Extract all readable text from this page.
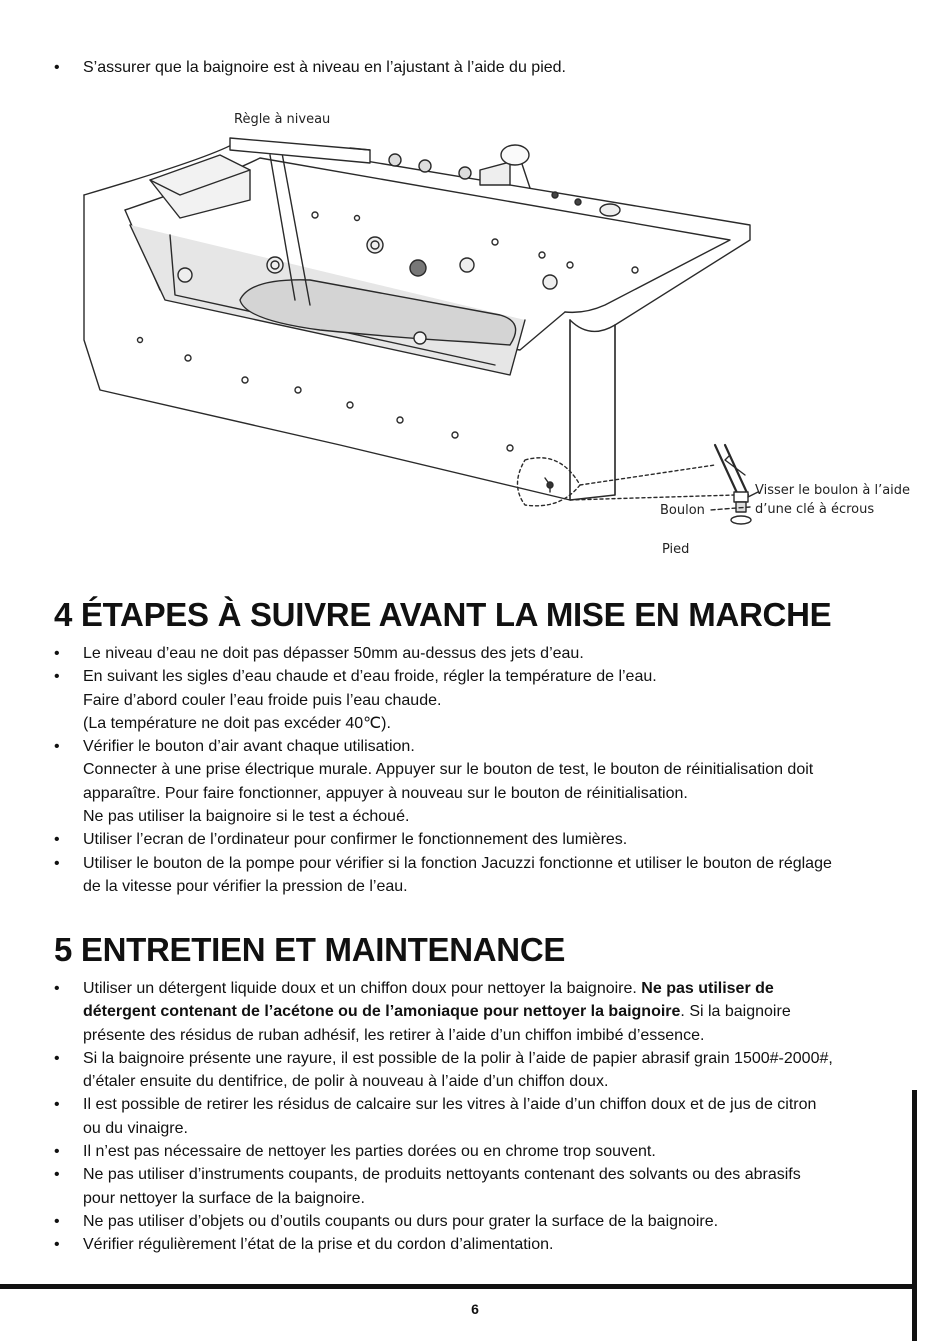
• S’assurer que la baignoire est à niveau en l’ajustant à l’aide du pied.
Règle à niveau
Boulon
Visser le boulon à l’aide
d’une clé à écrous
Pied
4 ÉTAPES À SUIVRE AVANT LA MISE EN MARCHE
• Le niveau d’eau ne doit pas dépasser 50mm au-dessus des jets d’eau.
• En suivant les sigles d’eau chaude et d’eau froide, régler la température de l’eau.
Faire d’abord couler l’eau froide puis l’eau chaude.
(La température ne doit pas excéder 40℃).
• Vérifier le bouton d’air avant chaque utilisation.
Connecter à une prise électrique murale. Appuyer sur le bouton de test, le bouton de réinitialisation doit
apparaître. Pour faire fonctionner, appuyer à nouveau sur le bouton de réinitialisation.
Ne pas utiliser la baignoire si le test a échoué.
• Utiliser l’ecran de l’ordinateur pour confirmer le fonctionnement des lumières.
• Utiliser le bouton de la pompe pour vérifier si la fonction Jacuzzi fonctionne et utiliser le bouton de réglage
de la vitesse pour vérifier la pression de l’eau.
5 ENTRETIEN ET MAINTENANCE
• Utiliser un détergent liquide doux et un chiffon doux pour nettoyer la baignoire. Ne pas utiliser de
détergent contenant de l’acétone ou de l’amoniaque pour nettoyer la baignoire. Si la baignoire
présente des résidus de ruban adhésif, les retirer à l’aide d’un chiffon imbibé d’essence.
• Si la baignoire présente une rayure, il est possible de la polir à l’aide de papier abrasif grain 1500#-2000#,
d’étaler ensuite du dentifrice, de polir à nouveau à l’aide d’un chiffon doux.
• Il est possible de retirer les résidus de calcaire sur les vitres à l’aide d’un chiffon doux et de jus de citron
ou du vinaigre.
• Il n’est pas nécessaire de nettoyer les parties dorées ou en chrome trop souvent.
• Ne pas utiliser d’instruments coupants, de produits nettoyants contenant des solvants ou des abrasifs
pour nettoyer la surface de la baignoire.
• Ne pas utiliser d’objets ou d’outils coupants ou durs pour grater la surface de la baignoire.
• Vérifier régulièrement l’état de la prise et du cordon d’alimentation.
6
